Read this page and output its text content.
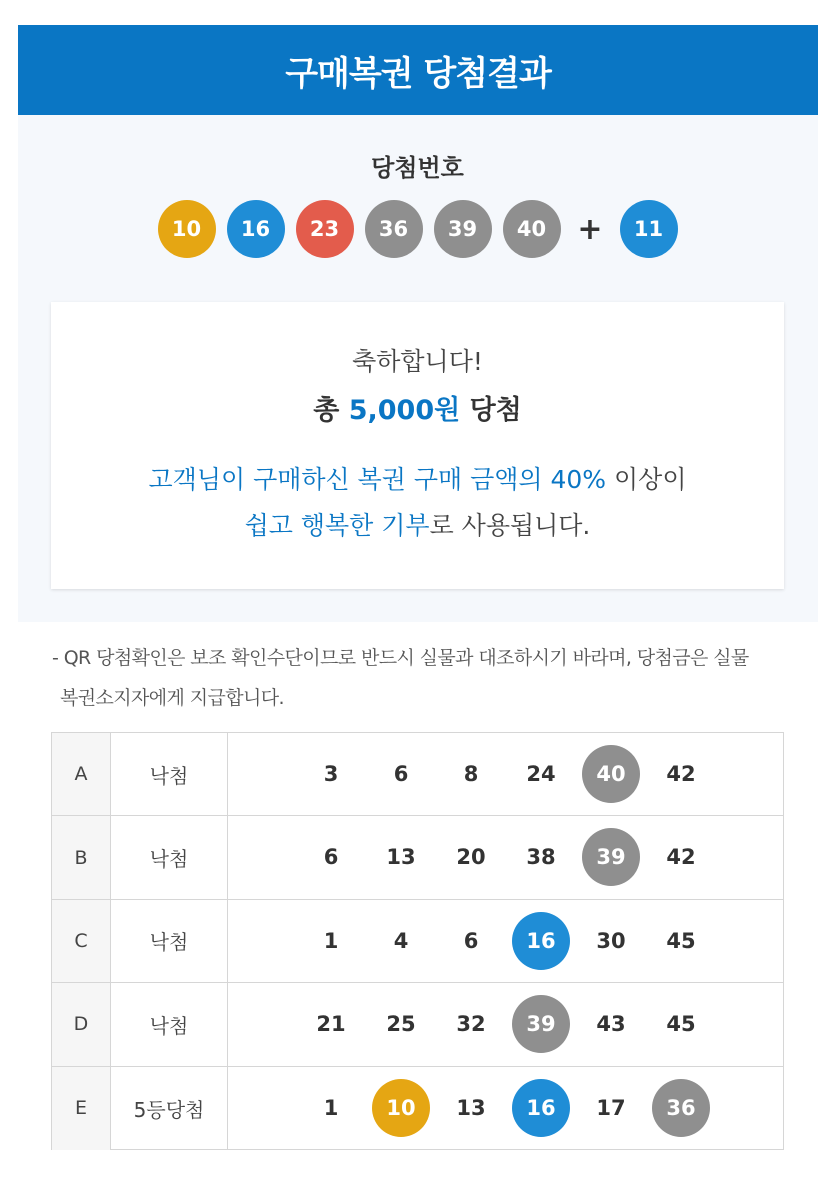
구매복권 당첨결과
당첨번호
10	16	23	36	39	40	+	11
축하합니다!
총 5,000원 당첨
고객님이 구매하신 복권 구매 금액의 40% 이상이
쉽고 행복한 기부로 사용됩니다.
- QR 당첨확인은 보조 확인수단이므로 반드시 실물과 대조하시기 바라며, 당첨금은 실물
복권소지자에게 지급합니다.
A	낙첨	3	6	8	24	40	42
B	낙첨	6	13	20	38	39	42
C	낙첨	1	4	6	16	30	45
D	낙첨	21	25	32	39	43	45
E	5등당첨	1	10	13	16	17	36
